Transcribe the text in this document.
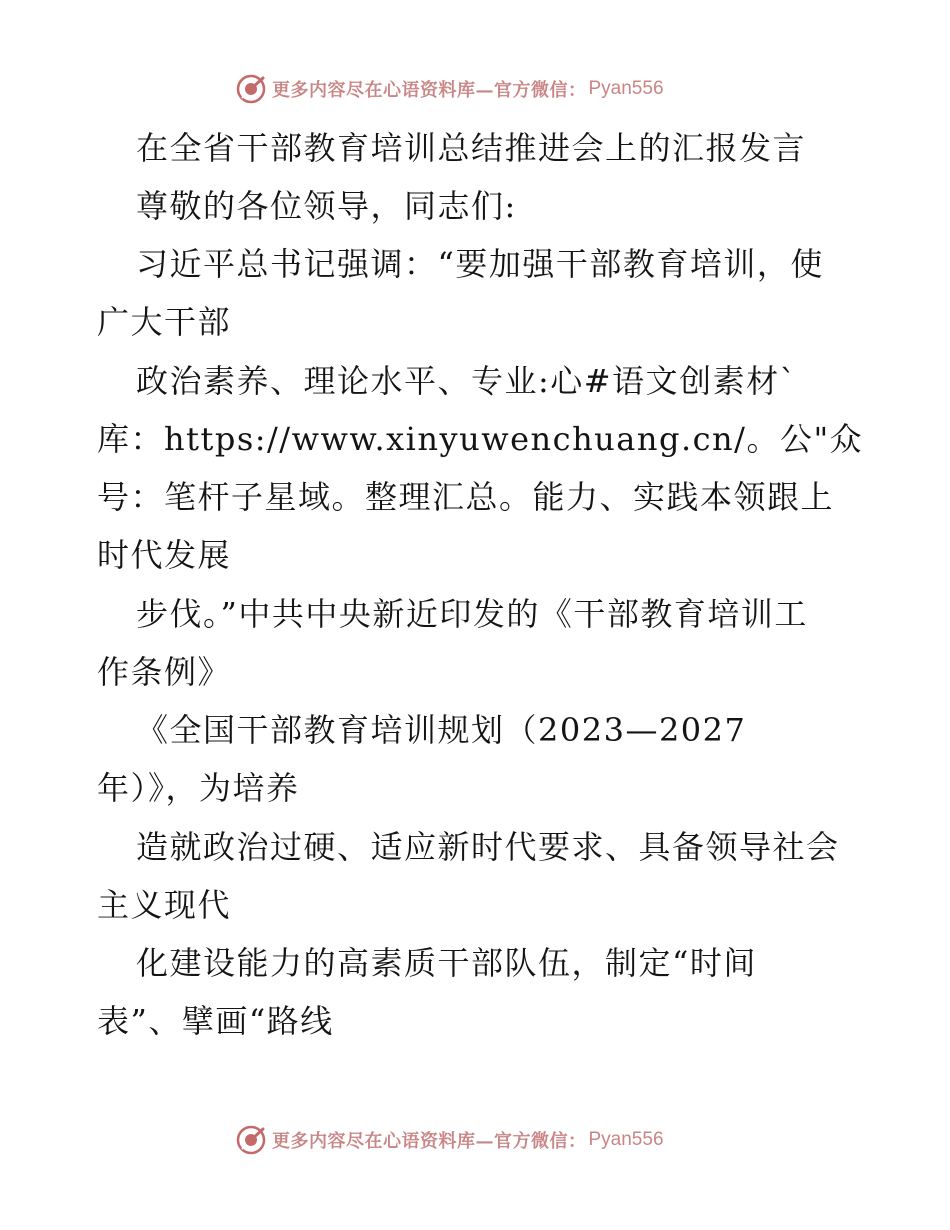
更多内容尽在心语资料库—官方微信： Pyan556
在全省干部教育培训总结推进会上的汇报发言
尊敬的各位领导，同志们:
习近平总书记强调：“要加强干部教育培训，使
广大干部
政治素养、理论水平、专业:心#语文创素材`
库：https://www.xinyuwenchuang.cn/。公"众
号：笔杆子星域。整理汇总。能力、实践本领跟上
时代发展
步伐。”中共中央新近印发的《干部教育培训工
作条例》
《全国干部教育培训规划（2023—2027
年）》，为培养
造就政治过硬、适应新时代要求、具备领导社会
主义现代
化建设能力的高素质干部队伍，制定“时间
表”、擘画“路线
更多内容尽在心语资料库—官方微信： Pyan556
